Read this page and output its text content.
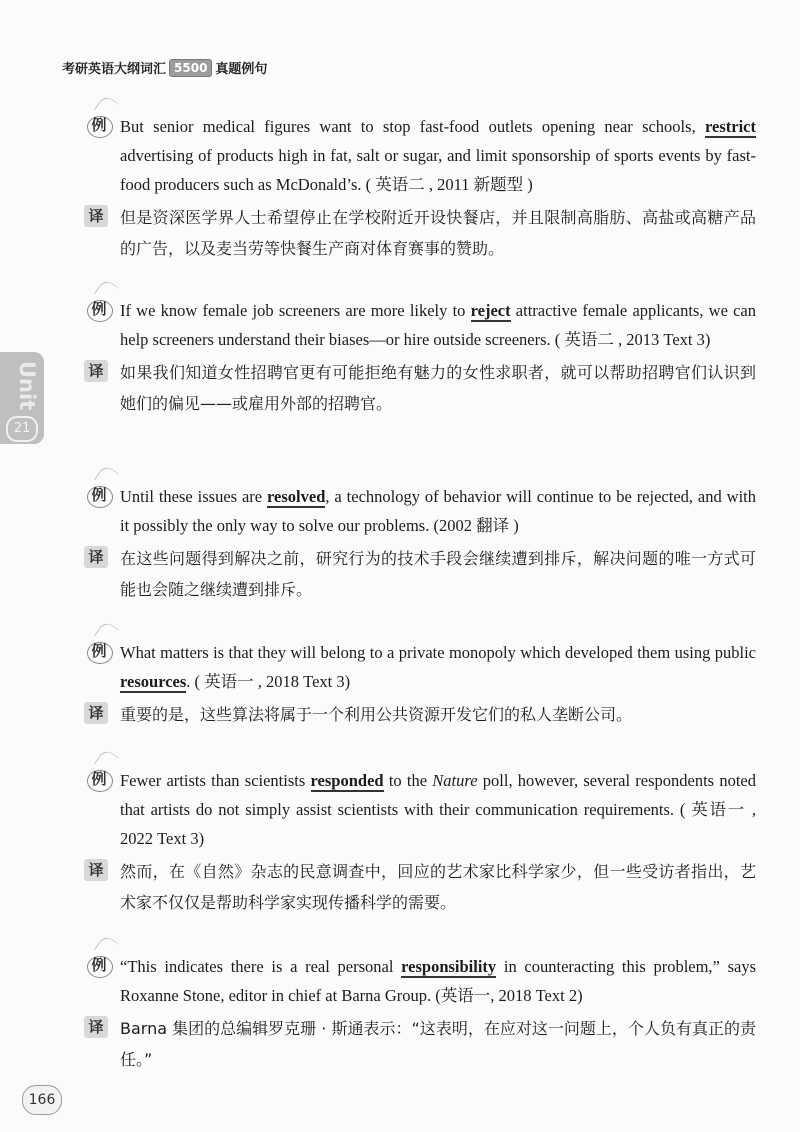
考研英语大纲词汇 5500 真题例句
Unit
21
例 But senior medical figures want to stop fast-food outlets opening near schools, restrict advertising of products high in fat, salt or sugar, and limit sponsorship of sports events by fast-food producers such as McDonald’s. ( 英语二 , 2011 新题型 )
译 但是资深医学界人士希望停止在学校附近开设快餐店，并且限制高脂肪、高盐或高糖产品的广告，以及麦当劳等快餐生产商对体育赛事的赞助。
例 If we know female job screeners are more likely to reject attractive female applicants, we can help screeners understand their biases—or hire outside screeners. ( 英语二 , 2013 Text 3)
译 如果我们知道女性招聘官更有可能拒绝有魅力的女性求职者，就可以帮助招聘官们认识到她们的偏见——或雇用外部的招聘官。
例 Until these issues are resolved, a technology of behavior will continue to be rejected, and with it possibly the only way to solve our problems. (2002 翻译 )
译 在这些问题得到解决之前，研究行为的技术手段会继续遭到排斥，解决问题的唯一方式可能也会随之继续遭到排斥。
例 What matters is that they will belong to a private monopoly which developed them using public resources. ( 英语一 , 2018 Text 3)
译 重要的是，这些算法将属于一个利用公共资源开发它们的私人垄断公司。
例 Fewer artists than scientists responded to the Nature poll, however, several respondents noted that artists do not simply assist scientists with their communication requirements. ( 英语一 , 2022 Text 3)
译 然而，在《自然》杂志的民意调查中，回应的艺术家比科学家少，但一些受访者指出，艺术家不仅仅是帮助科学家实现传播科学的需要。
例 “This indicates there is a real personal responsibility in counteracting this problem,” says Roxanne Stone, editor in chief at Barna Group. (英语一, 2018 Text 2)
译 Barna 集团的总编辑罗克珊 · 斯通表示：“这表明，在应对这一问题上，个人负有真正的责任。”
166
